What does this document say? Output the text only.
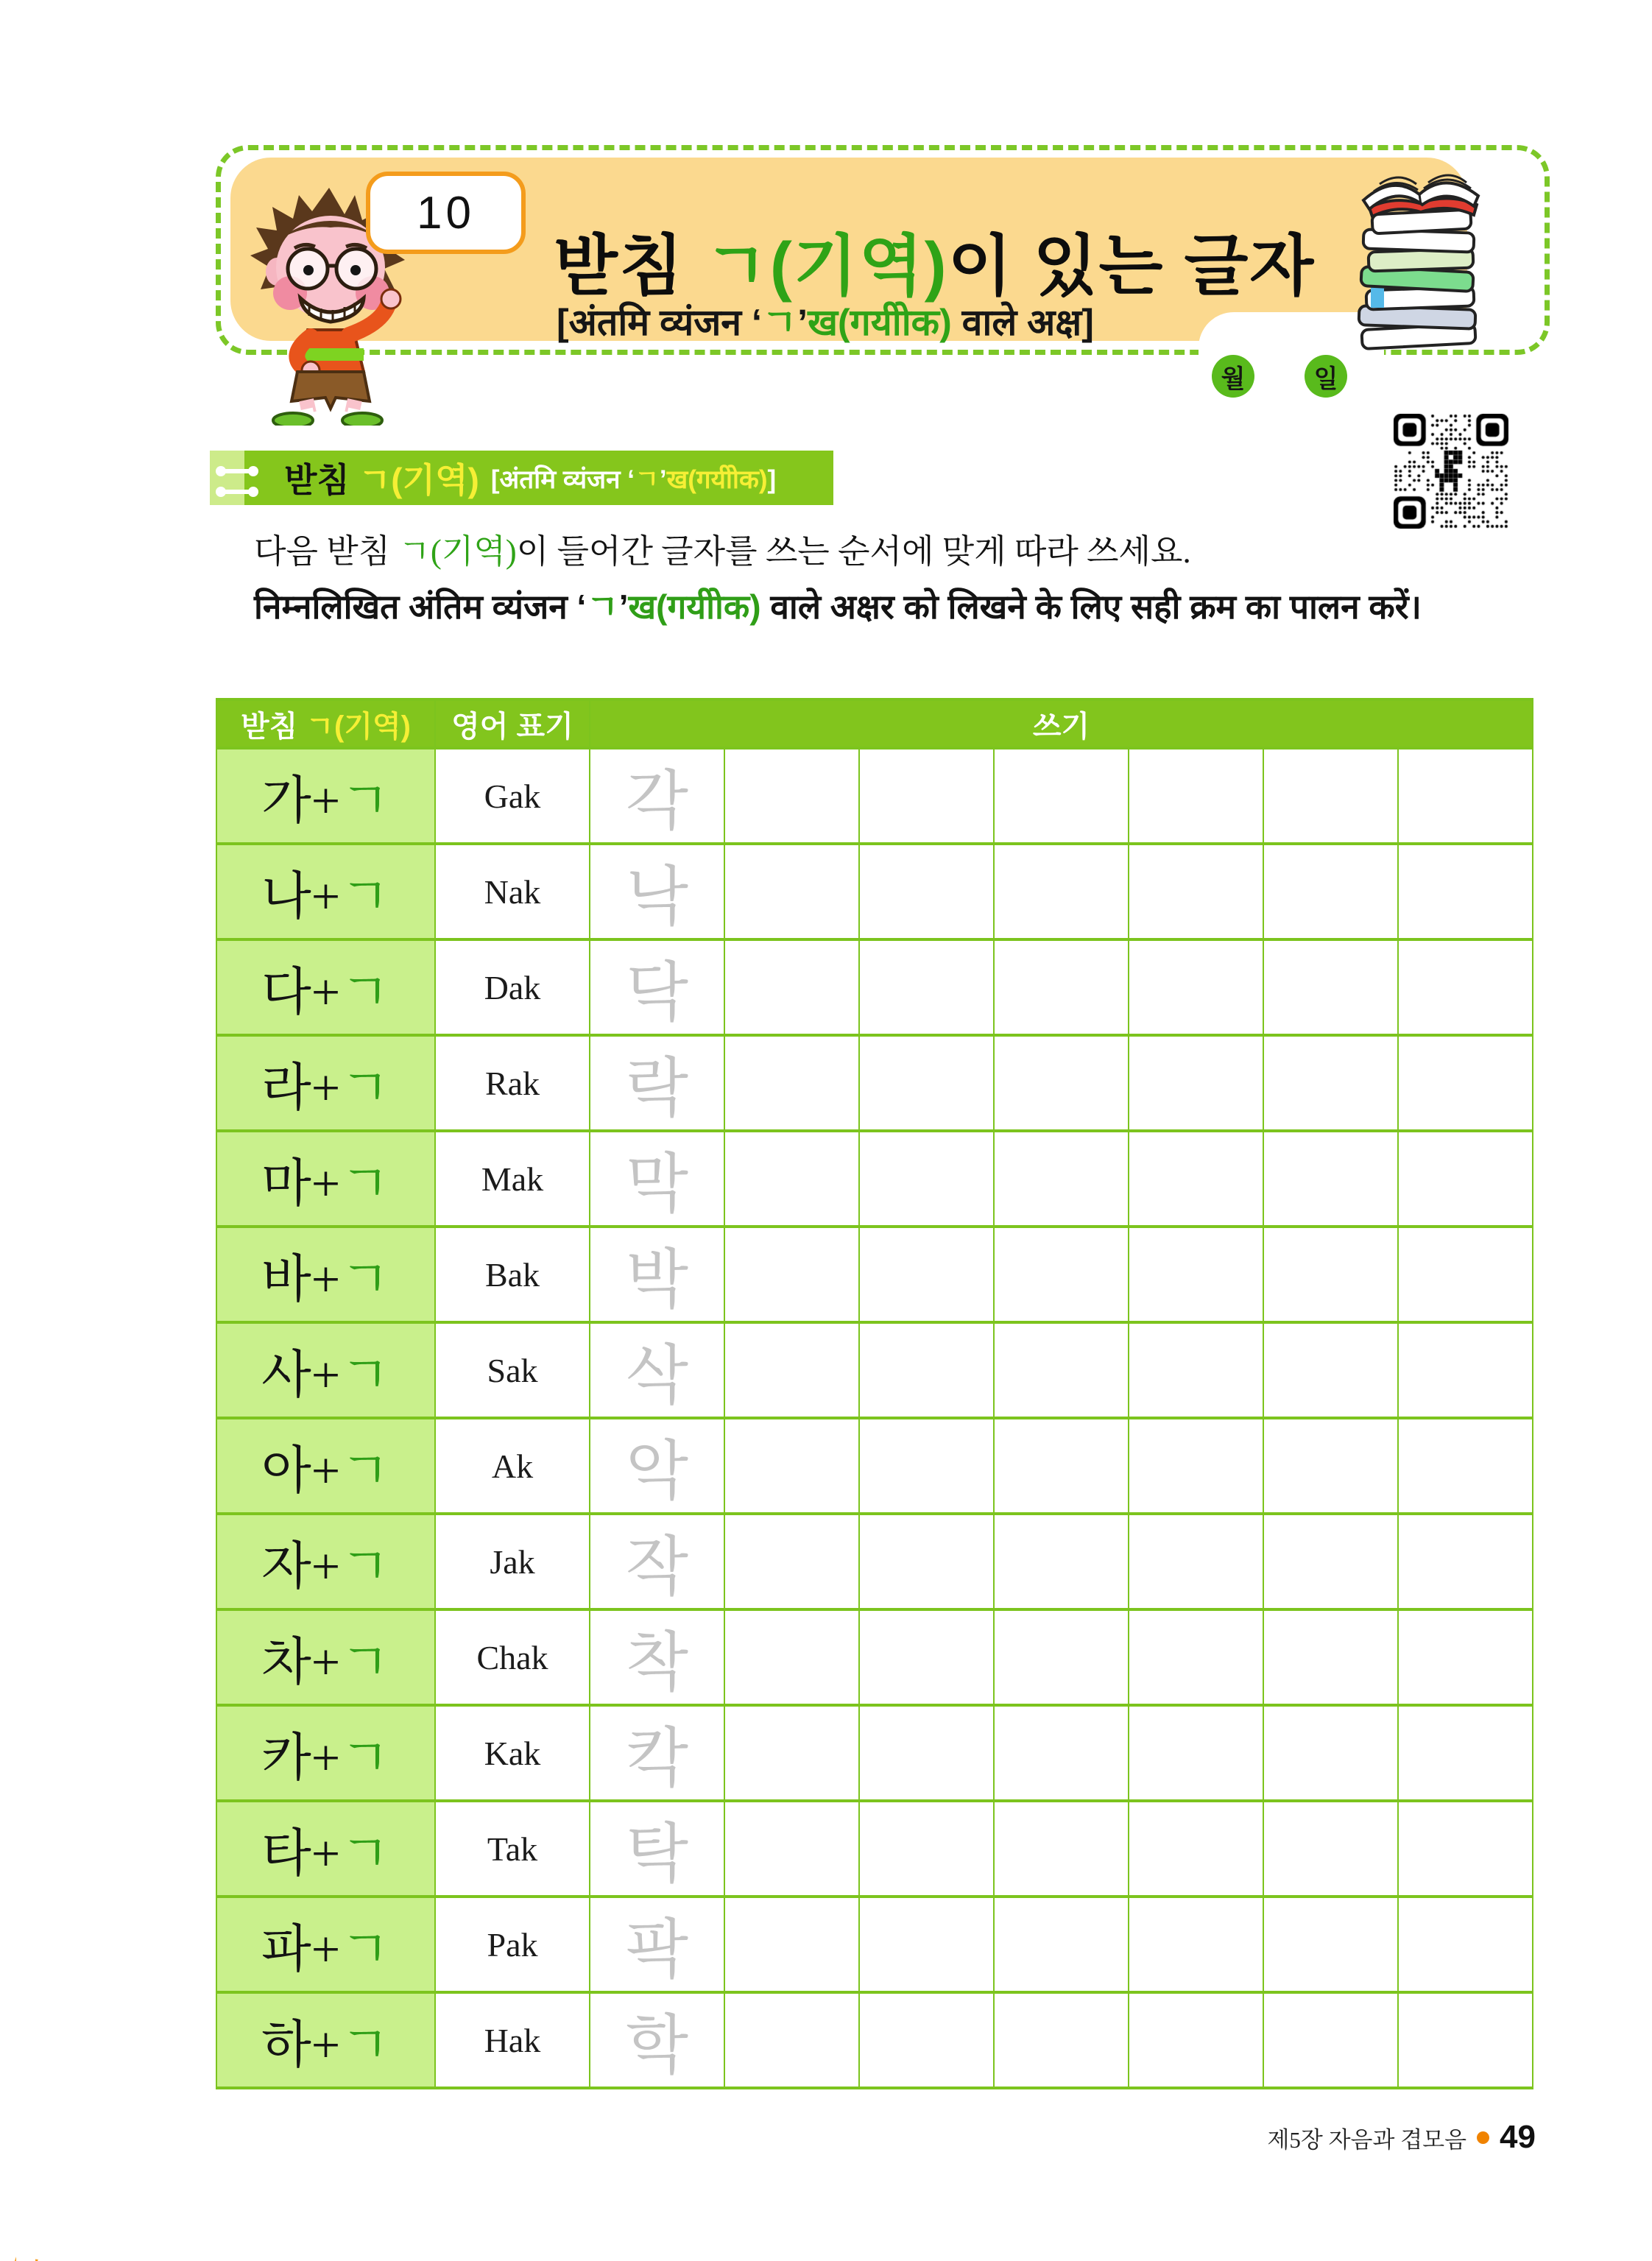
10
받침 ㄱ(기역)이 있는 글자
[अंतमि व्यंजन ‘ㄱ’ख(गयीोक) वाले अक्ष]
월	일
받침 ㄱ(기역) [अंतमि व्यंजन ‘ㄱ’ख(गयीोक)]
다음 받침 ㄱ(기역)이 들어간 글자를 쓰는 순서에 맞게 따라 쓰세요.
निम्नलिखित अंतिम व्यंजन ‘ㄱ’ख(गयीोक) वाले अक्षर को लिखने के लिए सही क्रम का पालन करें।
받침 ㄱ(기역)	영어 표기	쓰기						
가+ㄱ	Gak	각						
나+ㄱ	Nak	낙						
다+ㄱ	Dak	닥						
라+ㄱ	Rak	락						
마+ㄱ	Mak	막						
바+ㄱ	Bak	박						
사+ㄱ	Sak	삭						
아+ㄱ	Ak	악						
자+ㄱ	Jak	작						
차+ㄱ	Chak	착						
카+ㄱ	Kak	칵						
타+ㄱ	Tak	탁						
파+ㄱ	Pak	팍						
하+ㄱ	Hak	학						
제5장 자음과 겹모음 49
